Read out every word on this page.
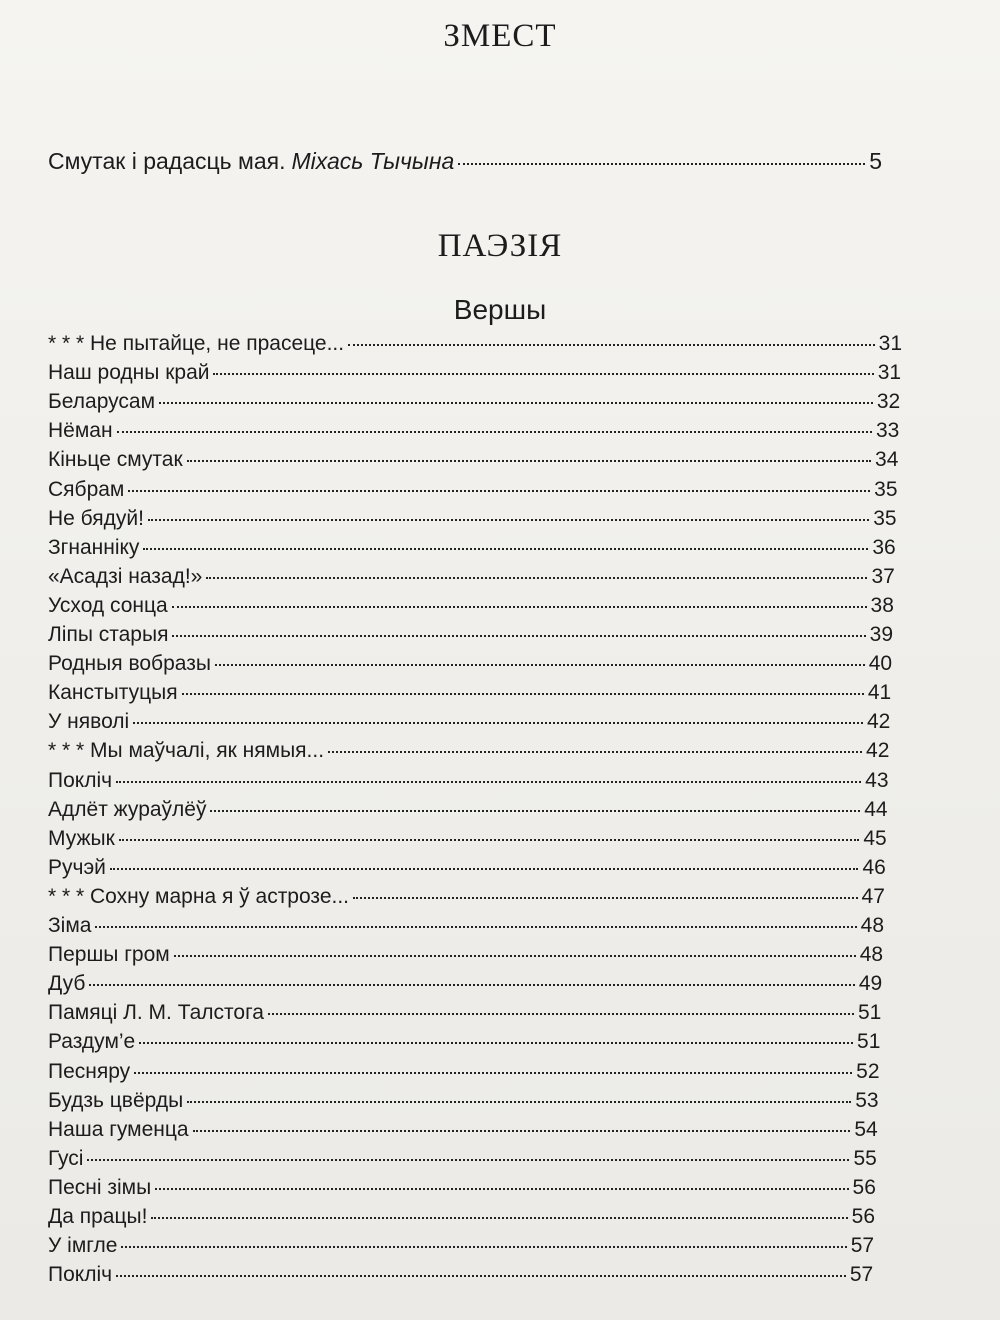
ЗМЕСТ
Смутак і радасць мая. Міхась Тычына	5
ПАЭЗІЯ
Вершы
* * * Не пытайце, не прасеце...	31
Наш родны край	31
Беларусам	32
Нёман	33
Кіньце смутак	34
Сябрам	35
Не бядуй!	35
Згнанніку	36
«Асадзі назад!»	37
Усход сонца	38
Ліпы старыя	39
Родныя вобразы	40
Канстытуцыя	41
У няволі	42
* * * Мы маўчалі, як нямыя...	42
Покліч	43
Адлёт жураўлёў	44
Мужык	45
Ручэй	46
* * * Сохну марна я ў астрозе...	47
Зіма	48
Першы гром	48
Дуб	49
Памяці Л. М. Талстога	51
Раздум’е	51
Песняру	52
Будзь цвёрды	53
Наша гуменца	54
Гусі	55
Песні зімы	56
Да працы!	56
У імгле	57
Покліч	57
